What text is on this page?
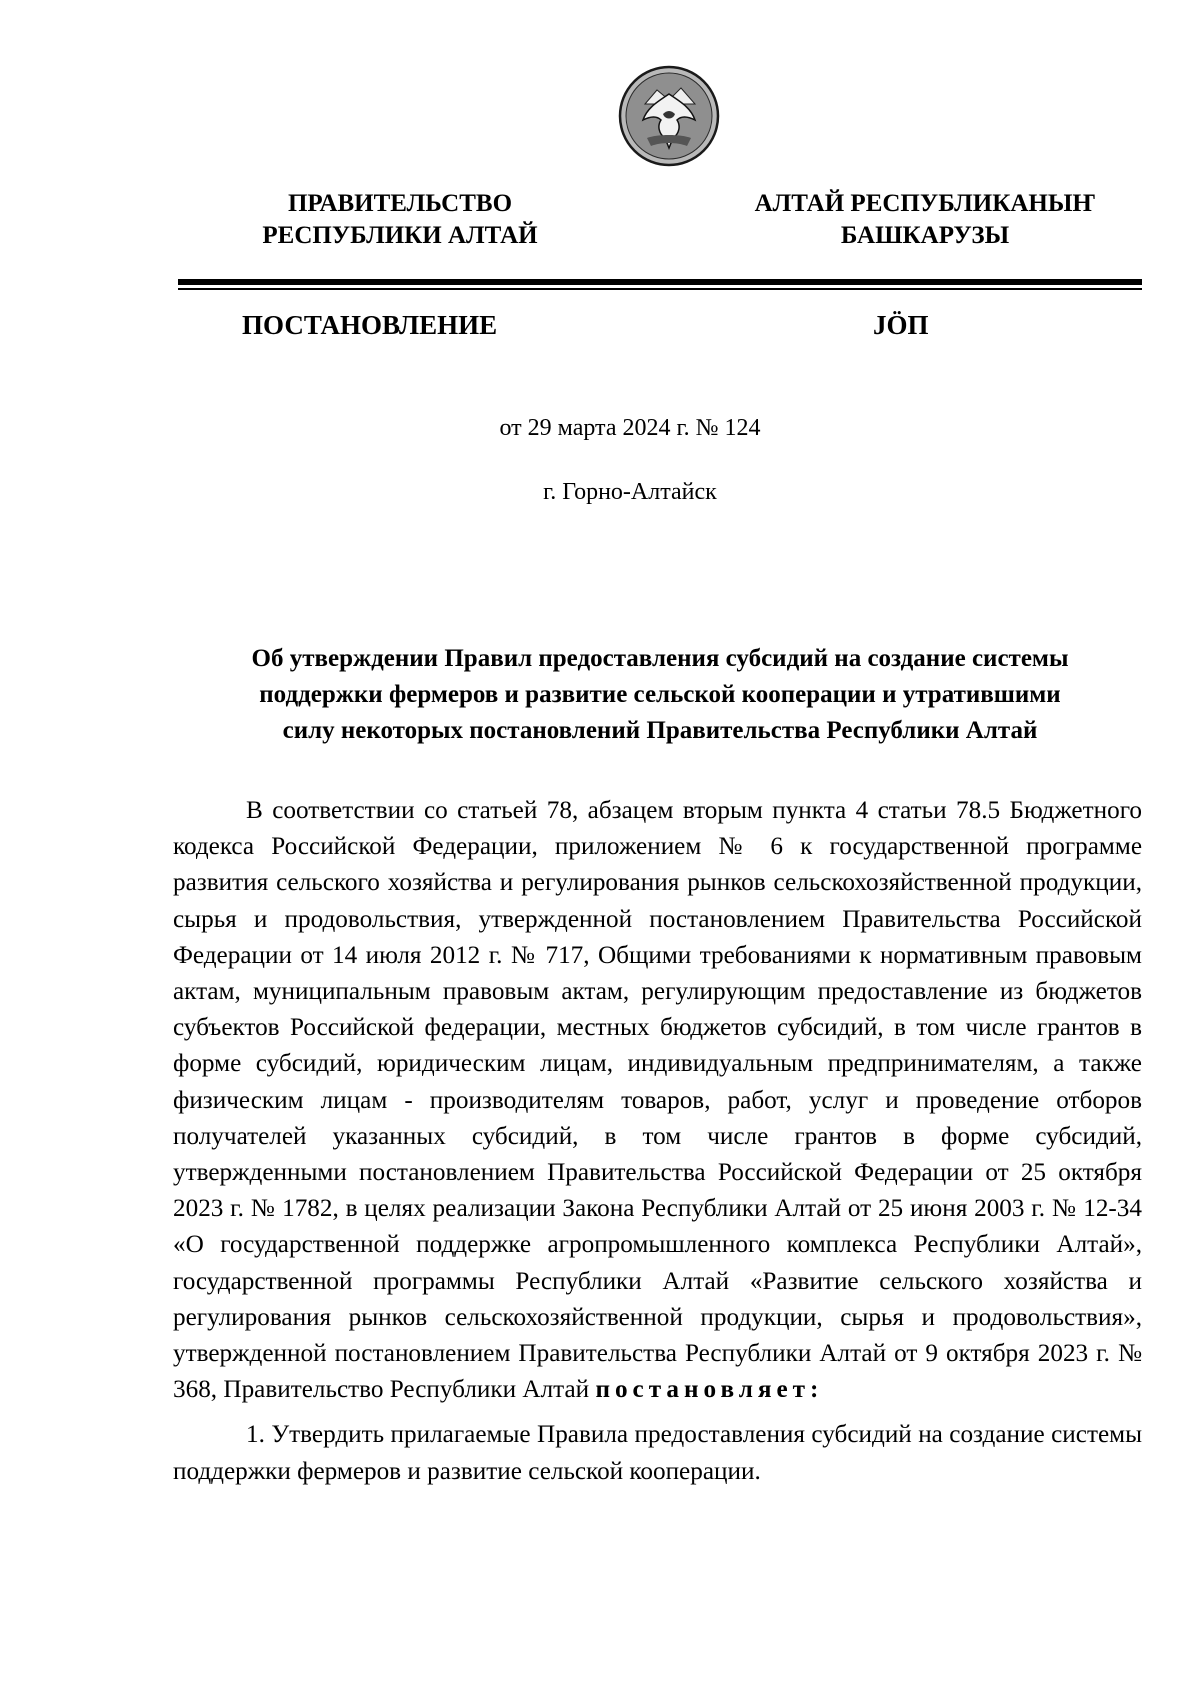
ПРАВИТЕЛЬСТВО
РЕСПУБЛИКИ АЛТАЙ
АЛТАЙ РЕСПУБЛИКАНЫҤ
БАШКАРУЗЫ
ПОСТАНОВЛЕНИЕ	JӦП
от 29 марта 2024 г. № 124
г. Горно-Алтайск
Об утверждении Правил предоставления субсидий на создание системы
поддержки фермеров и развитие сельской кооперации и утратившими
силу некоторых постановлений Правительства Республики Алтай

В соответствии со статьей 78, абзацем вторым пункта 4 статьи 78.5 Бюджетного кодекса Российской Федерации, приложением № 6 к государственной программе развития сельского хозяйства и регулирования рынков сельскохозяйственной продукции, сырья и продовольствия, утвержденной постановлением Правительства Российской Федерации от 14 июля 2012 г. № 717, Общими требованиями к нормативным правовым актам, муниципальным правовым актам, регулирующим предоставление из бюджетов субъектов Российской федерации, местных бюджетов субсидий, в том числе грантов в форме субсидий, юридическим лицам, индивидуальным предпринимателям, а также физическим лицам - производителям товаров, работ, услуг и проведение отборов получателей указанных субсидий, в том числе грантов в форме субсидий, утвержденными постановлением Правительства Российской Федерации от 25 октября 2023 г. № 1782, в целях реализации Закона Республики Алтай от 25 июня 2003 г. № 12-34 «О государственной поддержке агропромышленного комплекса Республики Алтай», государственной программы Республики Алтай «Развитие сельского хозяйства и регулирования рынков сельскохозяйственной продукции, сырья и продовольствия», утвержденной постановлением Правительства Республики Алтай от 9 октября 2023 г. № 368, Правительство Республики Алтай постановляет:

1. Утвердить прилагаемые Правила предоставления субсидий на создание системы поддержки фермеров и развитие сельской кооперации.
